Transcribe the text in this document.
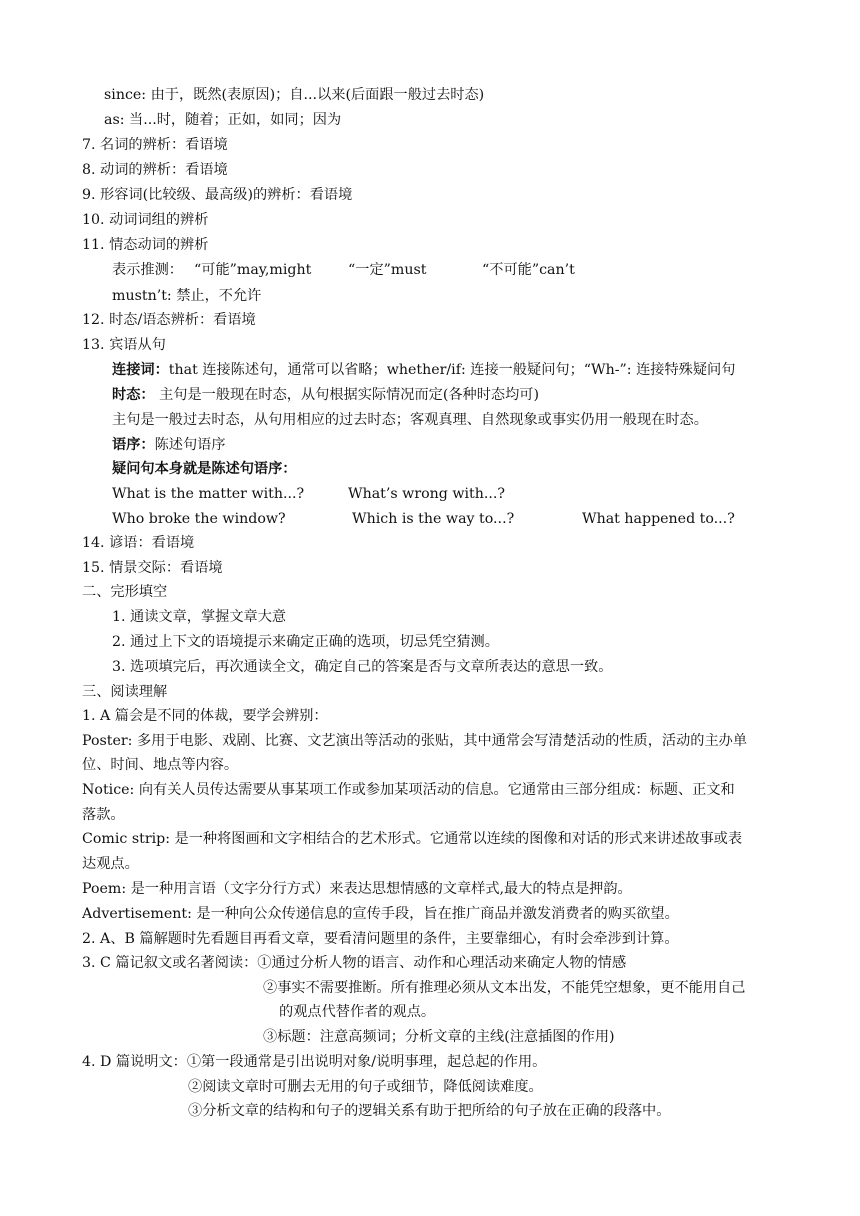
since: 由于，既然(表原因)；自...以来(后面跟一般过去时态)
as: 当...时，随着；正如，如同；因为
7. 名词的辨析：看语境
8. 动词的辨析：看语境
9. 形容词(比较级、最高级)的辨析：看语境
10. 动词词组的辨析
11. 情态动词的辨析
mustn’t: 禁止，不允许
12. 时态/语态辨析：看语境
13. 宾语从句
主句是一般过去时态，从句用相应的过去时态；客观真理、自然现象或事实仍用一般现在时态。
疑问句本身就是陈述句语序：
14. 谚语：看语境
15. 情景交际：看语境
二、完形填空
1. 通读文章，掌握文章大意
2. 通过上下文的语境提示来确定正确的选项，切忌凭空猜测。
3. 选项填完后，再次通读全文，确定自己的答案是否与文章所表达的意思一致。
三、阅读理解
1. A 篇会是不同的体裁，要学会辨别：
Poster: 多用于电影、戏剧、比赛、文艺演出等活动的张贴，其中通常会写清楚活动的性质，活动的主办单
位、时间、地点等内容。
Notice: 向有关人员传达需要从事某项工作或参加某项活动的信息。它通常由三部分组成：标题、正文和
落款。
Comic strip: 是一种将图画和文字相结合的艺术形式。它通常以连续的图像和对话的形式来讲述故事或表
达观点。
Poem: 是一种用言语（文字分行方式）来表达思想情感的文章样式,最大的特点是押韵。
Advertisement: 是一种向公众传递信息的宣传手段，旨在推广商品并激发消费者的购买欲望。
2. A、B 篇解题时先看题目再看文章，要看清问题里的条件，主要靠细心，有时会牵涉到计算。
3. C 篇记叙文或名著阅读：①通过分析人物的语言、动作和心理活动来确定人物的情感
②事实不需要推断。所有推理必须从文本出发，不能凭空想象，更不能用自己
的观点代替作者的观点。
③标题：注意高频词；分析文章的主线(注意插图的作用)
4. D 篇说明文：①第一段通常是引出说明对象/说明事理，起总起的作用。
②阅读文章时可删去无用的句子或细节，降低阅读难度。
③分析文章的结构和句子的逻辑关系有助于把所给的句子放在正确的段落中。
表示推测： “可能”may,might	“一定”must	“不可能”can’t
连接词：that 连接陈述句，通常可以省略；whether/if: 连接一般疑问句；“Wh-”: 连接特殊疑问句
时态： 主句是一般现在时态，从句根据实际情况而定(各种时态均可)
语序：陈述句语序
What is the matter with...?	What’s wrong with...?
Who broke the window?	Which is the way to...?	What happened to...?
